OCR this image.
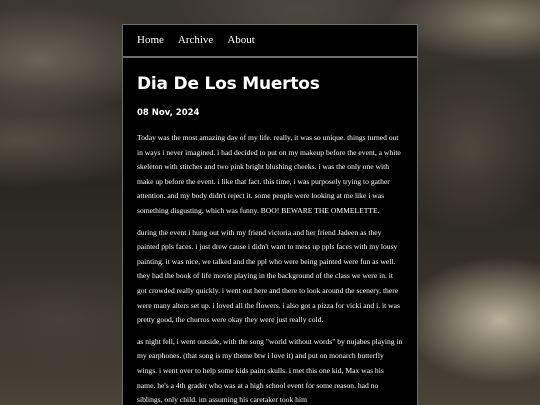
Home Archive About
Dia De Los Muertos
08 Nov, 2024

Today was the most amazing day of my life. really, it was so unique. things turned out in ways i never imagined. i had decided to put on my makeup before the event, a white skeleton with stitches and two pink bright blushing cheeks. i was the only one with make up before the event. i like that fact. this time, i was purposely trying to gather attention. and my body didn't reject it. some people were looking at me like i was something disgusting, which was funny. BOO! BEWARE THE OMMELETTE.

during the event i hung out with my friend victoria and her friend Jadeen as they painted ppls faces. i just drew cause i didn't want to mess up ppls faces with my lousy painting. it was nice, we talked and the ppl who were being painted were fun as well. they had the book of life movie playing in the background of the class we were in. it got crowded really quickly. i went out here and there to look around the scenery, there were many alters set up. i loved all the flowers. i also got a pizza for vicki and i. it was pretty good, the churros were okay they were just really cold.

as night fell, i went outside, with the song "world without words" by nujabes playing in my earphones. (that song is my theme btw i love it) and put on monarch butterfly wings. i went over to help some kids paint skulls. i met this one kid, Max was his name. he's a 4th grader who was at a high school event for some reason. had no siblings, only child. im assuming his caretaker took him
